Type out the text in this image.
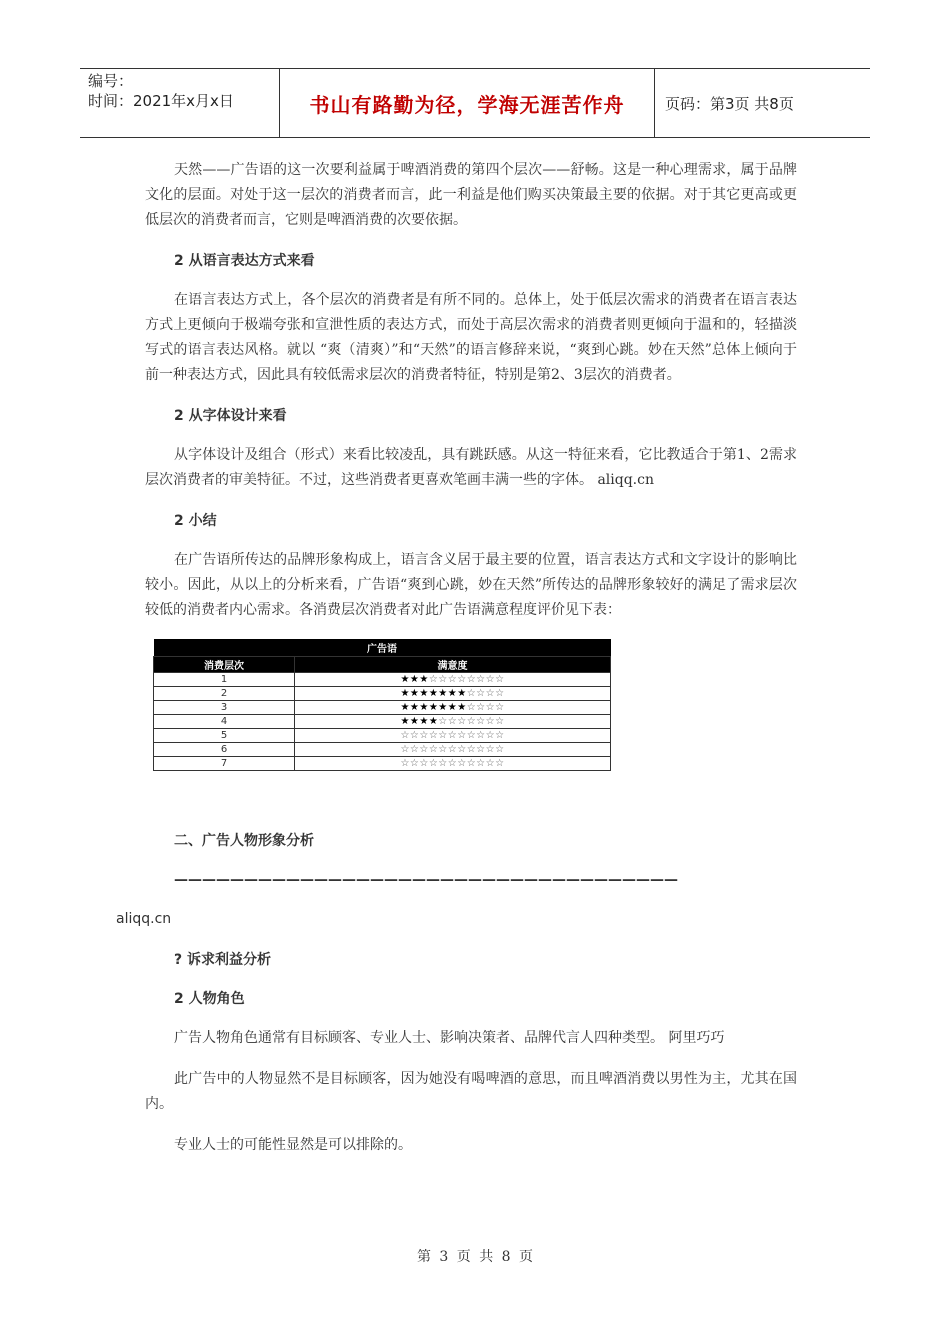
编号：
时间：2021年x月x日	书山有路勤为径，学海无涯苦作舟	页码：第3页 共8页

天然——广告语的这一次要利益属于啤酒消费的第四个层次——舒畅。这是一种心理需求，属于品牌文化的层面。对处于这一层次的消费者而言，此一利益是他们购买决策最主要的依据。对于其它更高或更低层次的消费者而言，它则是啤酒消费的次要依据。

2 从语言表达方式来看

在语言表达方式上，各个层次的消费者是有所不同的。总体上，处于低层次需求的消费者在语言表达方式上更倾向于极端夸张和宣泄性质的表达方式，而处于高层次需求的消费者则更倾向于温和的，轻描淡写式的语言表达风格。就以 “爽（清爽）”和“天然”的语言修辞来说，“爽到心跳。妙在天然”总体上倾向于前一种表达方式，因此具有较低需求层次的消费者特征，特别是第2、3层次的消费者。

2 从字体设计来看

从字体设计及组合（形式）来看比较凌乱，具有跳跃感。从这一特征来看，它比教适合于第1、2需求层次消费者的审美特征。不过，这些消费者更喜欢笔画丰满一些的字体。 aliqq.cn

2 小结

在广告语所传达的品牌形象构成上，语言含义居于最主要的位置，语言表达方式和文字设计的影响比较小。因此，从以上的分析来看，广告语“爽到心跳，妙在天然”所传达的品牌形象较好的满足了需求层次较低的消费者内心需求。各消费层次消费者对此广告语满意程度评价见下表：

广告语	
消费层次	满意度
1	★★★☆☆☆☆☆☆☆☆
2	★★★★★★★☆☆☆☆
3	★★★★★★★☆☆☆☆
4	★★★★☆☆☆☆☆☆☆
5	☆☆☆☆☆☆☆☆☆☆☆
6	☆☆☆☆☆☆☆☆☆☆☆
7	☆☆☆☆☆☆☆☆☆☆☆

二、广告人物形象分析

————————————————————————————————————

aliqq.cn

? 诉求利益分析

2 人物角色

广告人物角色通常有目标顾客、专业人士、影响决策者、品牌代言人四种类型。 阿里巧巧

此广告中的人物显然不是目标顾客，因为她没有喝啤酒的意思，而且啤酒消费以男性为主，尤其在国内。

专业人士的可能性显然是可以排除的。

第 3 页 共 8 页
